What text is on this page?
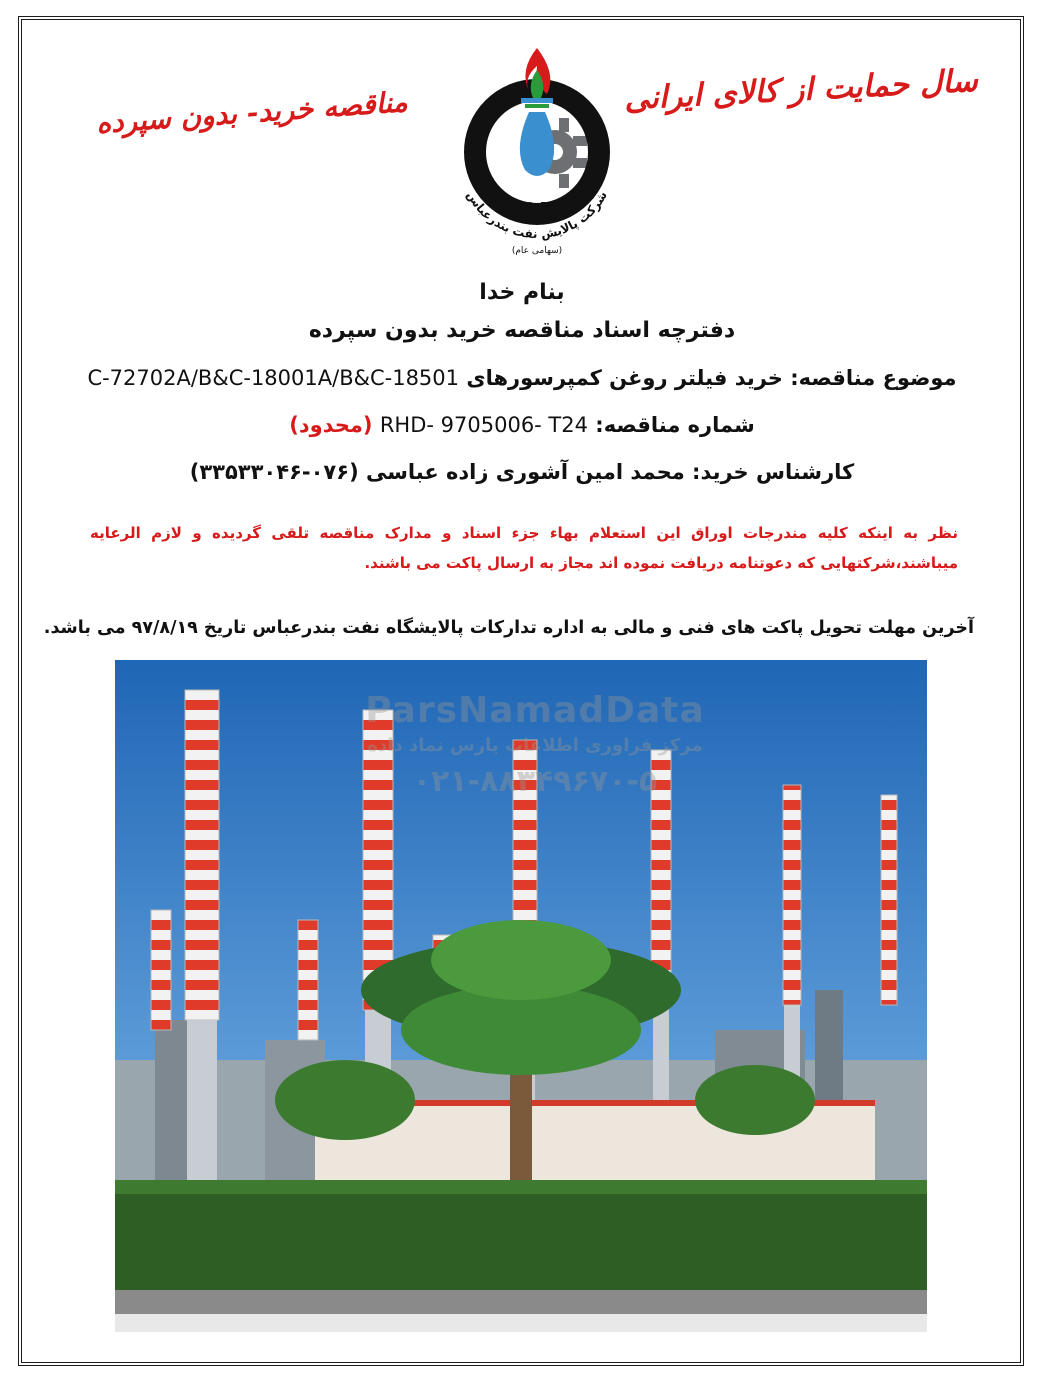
سال حمایت از کالای ایرانی
مناقصه خرید- بدون سپرده
B.O.R.C
شرکت پالایش نفت بندرعباس
(سهامی عام)
بنام خدا
دفترچه اسناد مناقصه خرید بدون سپرده
موضوع مناقصه: خرید فیلتر روغن کمپرسورهای C-72702A/B&C-18001A/B&C-18501
شماره مناقصه: RHD- 9705006- T24 (محدود)
کارشناس خرید: محمد امین آشوری زاده عباسی (۰۷۶-۳۳۵۳۳۰۴۶)
نظر به اینکه کلیه مندرجات اوراق این استعلام بهاء جزء اسناد و مدارک مناقصه تلقی گردیده و لازم الرعایه میباشند،شرکتهایی که دعوتنامه دریافت نموده اند مجاز به ارسال پاکت می باشند.
آخرین مهلت تحویل پاکت های فنی و مالی به اداره تدارکات پالایشگاه نفت بندرعباس تاریخ ۹۷/۸/۱۹ می باشد.
ParsNamadData
مرکز فراوری اطلاعات پارس نماد داده
۰۲۱-۸۸۳۴۹۶۷۰-۵
